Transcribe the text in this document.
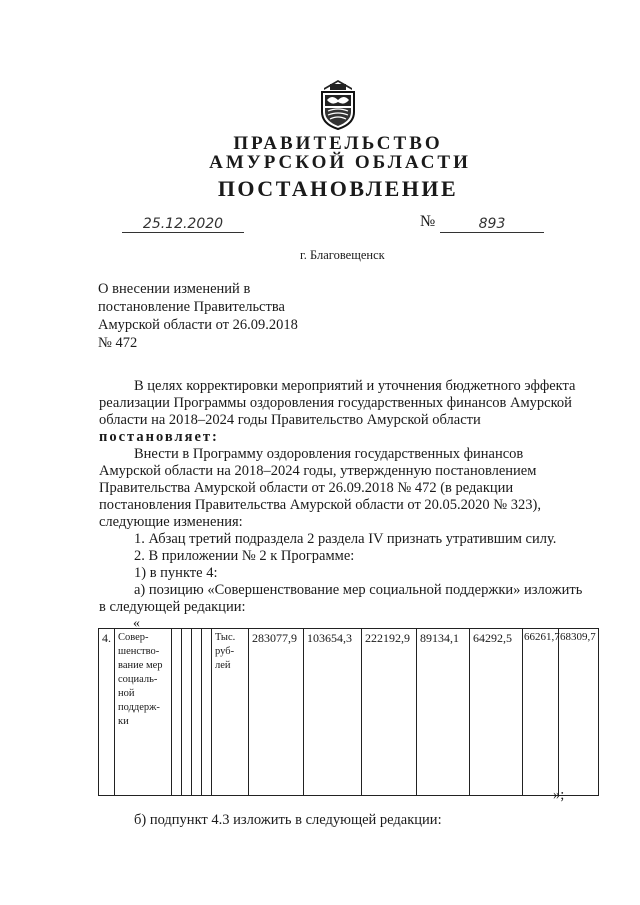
ПРАВИТЕЛЬСТВО
АМУРСКОЙ ОБЛАСТИ
ПОСТАНОВЛЕНИЕ
25.12.2020	№	893
г. Благовещенск
О внесении изменений в
постановление Правительства
Амурской области от 26.09.2018
№ 472
В целях корректировки мероприятий и уточнения бюджетного эффекта
реализации Программы оздоровления государственных финансов Амурской
области на 2018–2024 годы Правительство Амурской области
постановляет:
Внести в Программу оздоровления государственных финансов
Амурской области на 2018–2024 годы, утвержденную постановлением
Правительства Амурской области от 26.09.2018 № 472 (в редакции
постановления Правительства Амурской области от 20.05.2020 № 323),
следующие изменения:
1. Абзац третий подраздела 2 раздела IV признать утратившим силу.
2. В приложении № 2 к Программе:
1) в пункте 4:
а) позицию «Совершенствование мер социальной поддержки» изложить
в следующей редакции:
«
4.	Совер-
шенство-
вание мер
социаль-
ной
поддерж-
ки

Тыс.
руб-
лей
	283077,9	103654,3	222192,9	89134,1	64292,5	66261,7	68309,7
»;
б) подпункт 4.3 изложить в следующей редакции:
